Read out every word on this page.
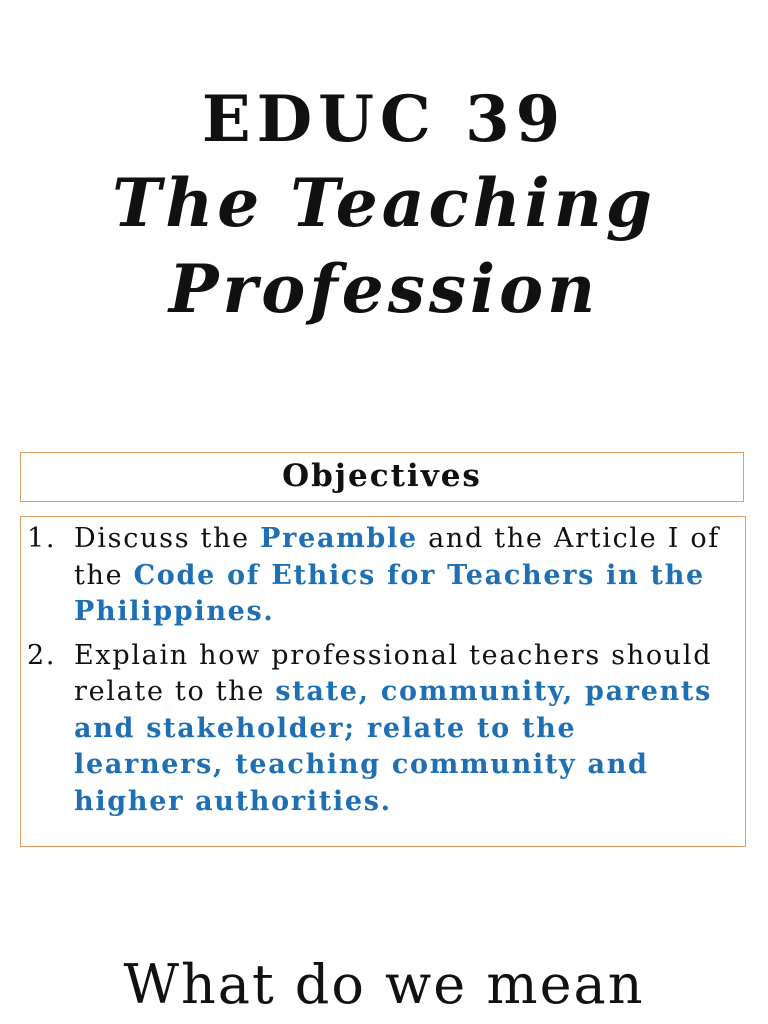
EDUC 39
The Teaching
Profession
Objectives
1. Discuss the Preamble and the Article I of the Code of Ethics for Teachers in the Philippines.
2. Explain how professional teachers should relate to the state, community, parents and stakeholder; relate to the learners, teaching community and higher authorities.
What do we mean
